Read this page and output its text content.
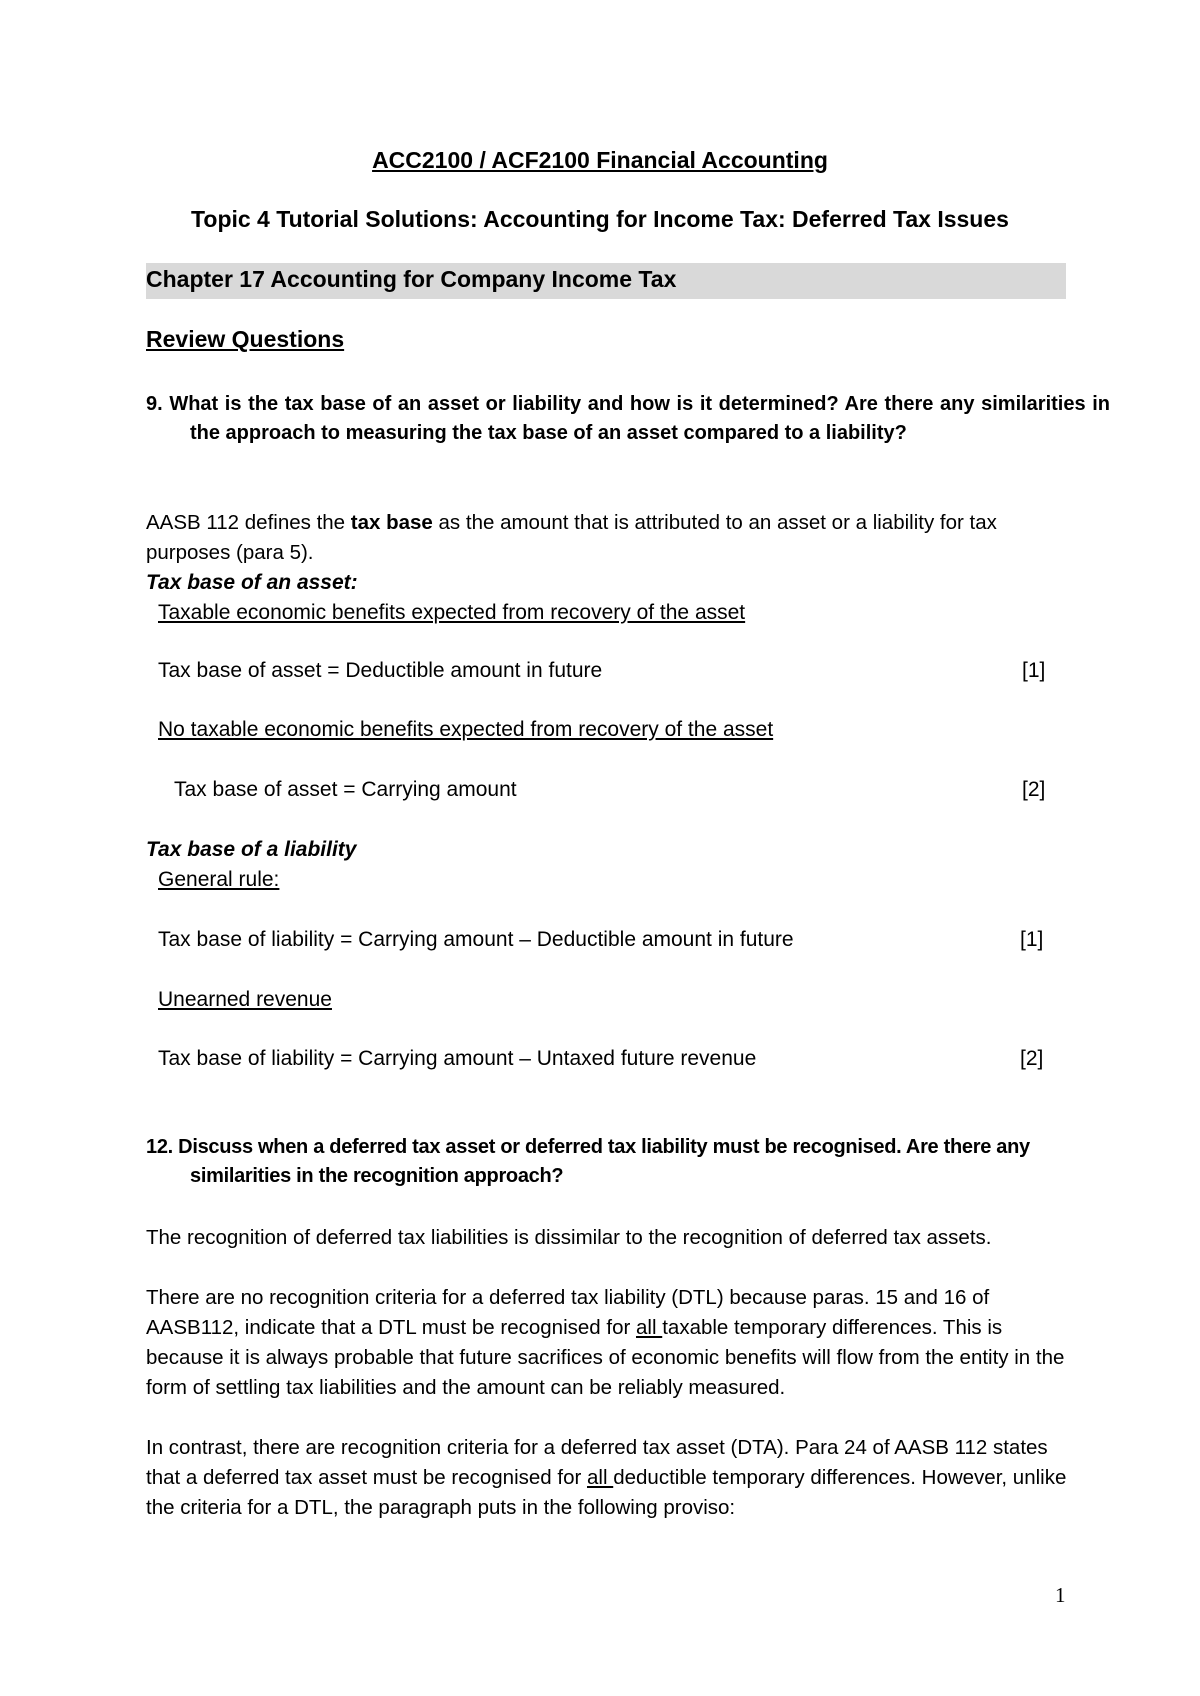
ACC2100 / ACF2100 Financial Accounting
Topic 4 Tutorial Solutions: Accounting for Income Tax: Deferred Tax Issues
Chapter 17 Accounting for Company Income Tax
Review Questions
9. What is the tax base of an asset or liability and how is it determined? Are there any similarities in the approach to measuring the tax base of an asset compared to a liability?
AASB 112 defines the tax base as the amount that is attributed to an asset or a liability for tax purposes (para 5).
Tax base of an asset:
Taxable economic benefits expected from recovery of the asset
Tax base of asset = Deductible amount in future	[1]
No taxable economic benefits expected from recovery of the asset
Tax base of asset = Carrying amount	[2]
Tax base of a liability
General rule:
Tax base of liability = Carrying amount – Deductible amount in future	[1]
Unearned revenue
Tax base of liability = Carrying amount – Untaxed future revenue	[2]
12. Discuss when a deferred tax asset or deferred tax liability must be recognised. Are there any similarities in the recognition approach?
The recognition of deferred tax liabilities is dissimilar to the recognition of deferred tax assets.
There are no recognition criteria for a deferred tax liability (DTL) because paras. 15 and 16 of AASB112, indicate that a DTL must be recognised for all taxable temporary differences. This is because it is always probable that future sacrifices of economic benefits will flow from the entity in the form of settling tax liabilities and the amount can be reliably measured.
In contrast, there are recognition criteria for a deferred tax asset (DTA). Para 24 of AASB 112 states that a deferred tax asset must be recognised for all deductible temporary differences. However, unlike the criteria for a DTL, the paragraph puts in the following proviso:
1
